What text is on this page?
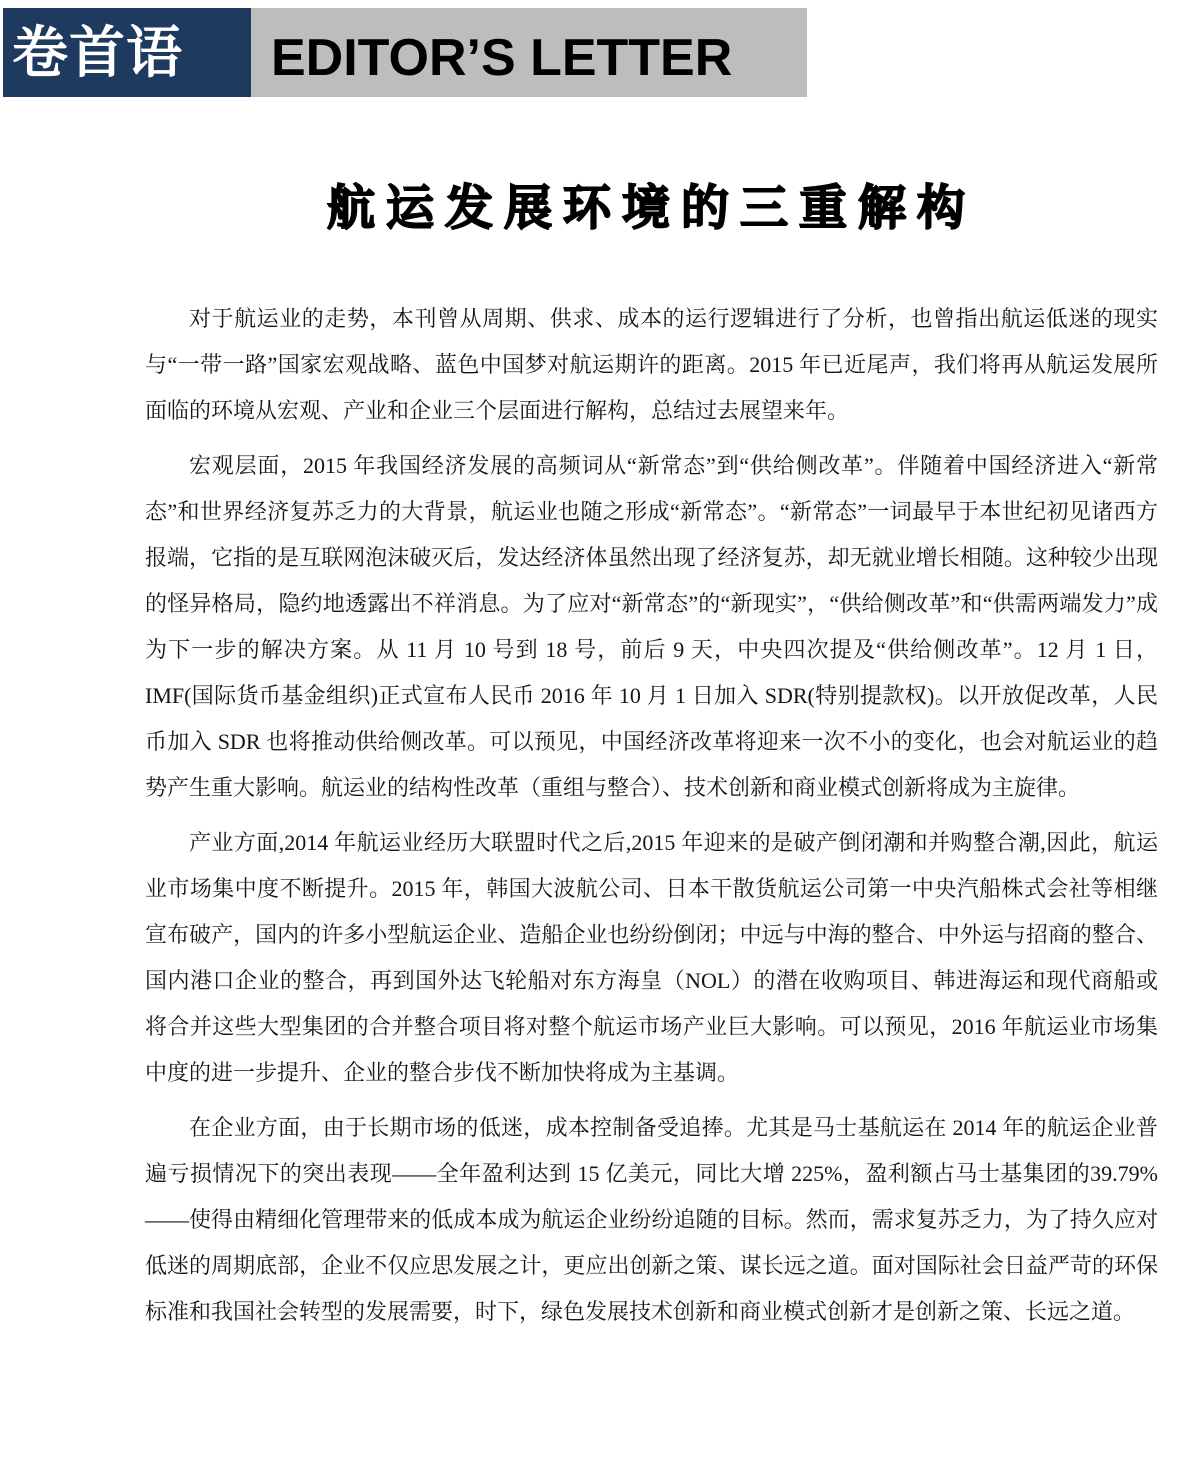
卷首语	EDITOR’S LETTER
航运发展环境的三重解构

对于航运业的走势，本刊曾从周期、供求、成本的运行逻辑进行了分析，也曾指出航运低迷的现实与“一带一路”国家宏观战略、蓝色中国梦对航运期许的距离。2015 年已近尾声，我们将再从航运发展所面临的环境从宏观、产业和企业三个层面进行解构，总结过去展望来年。

宏观层面，2015 年我国经济发展的高频词从“新常态”到“供给侧改革”。伴随着中国经济进入“新常态”和世界经济复苏乏力的大背景，航运业也随之形成“新常态”。“新常态”一词最早于本世纪初见诸西方报端，它指的是互联网泡沫破灭后，发达经济体虽然出现了经济复苏，却无就业增长相随。这种较少出现的怪异格局，隐约地透露出不祥消息。为了应对“新常态”的“新现实”，“供给侧改革”和“供需两端发力”成为下一步的解决方案。从 11 月 10 号到 18 号，前后 9 天，中央四次提及“供给侧改革”。12 月 1 日，IMF(国际货币基金组织)正式宣布人民币 2016 年 10 月 1 日加入 SDR(特别提款权)。以开放促改革，人民币加入 SDR 也将推动供给侧改革。可以预见，中国经济改革将迎来一次不小的变化，也会对航运业的趋势产生重大影响。航运业的结构性改革（重组与整合）、技术创新和商业模式创新将成为主旋律。

产业方面,2014 年航运业经历大联盟时代之后,2015 年迎来的是破产倒闭潮和并购整合潮,因此，航运业市场集中度不断提升。2015 年，韩国大波航公司、日本干散货航运公司第一中央汽船株式会社等相继宣布破产，国内的许多小型航运企业、造船企业也纷纷倒闭；中远与中海的整合、中外运与招商的整合、国内港口企业的整合，再到国外达飞轮船对东方海皇（NOL）的潜在收购项目、韩进海运和现代商船或将合并这些大型集团的合并整合项目将对整个航运市场产业巨大影响。可以预见，2016 年航运业市场集中度的进一步提升、企业的整合步伐不断加快将成为主基调。

在企业方面，由于长期市场的低迷，成本控制备受追捧。尤其是马士基航运在 2014 年的航运企业普遍亏损情况下的突出表现——全年盈利达到 15 亿美元，同比大增 225%，盈利额占马士基集团的39.79%——使得由精细化管理带来的低成本成为航运企业纷纷追随的目标。然而，需求复苏乏力，为了持久应对低迷的周期底部，企业不仅应思发展之计，更应出创新之策、谋长远之道。面对国际社会日益严苛的环保标准和我国社会转型的发展需要，时下，绿色发展技术创新和商业模式创新才是创新之策、长远之道。
